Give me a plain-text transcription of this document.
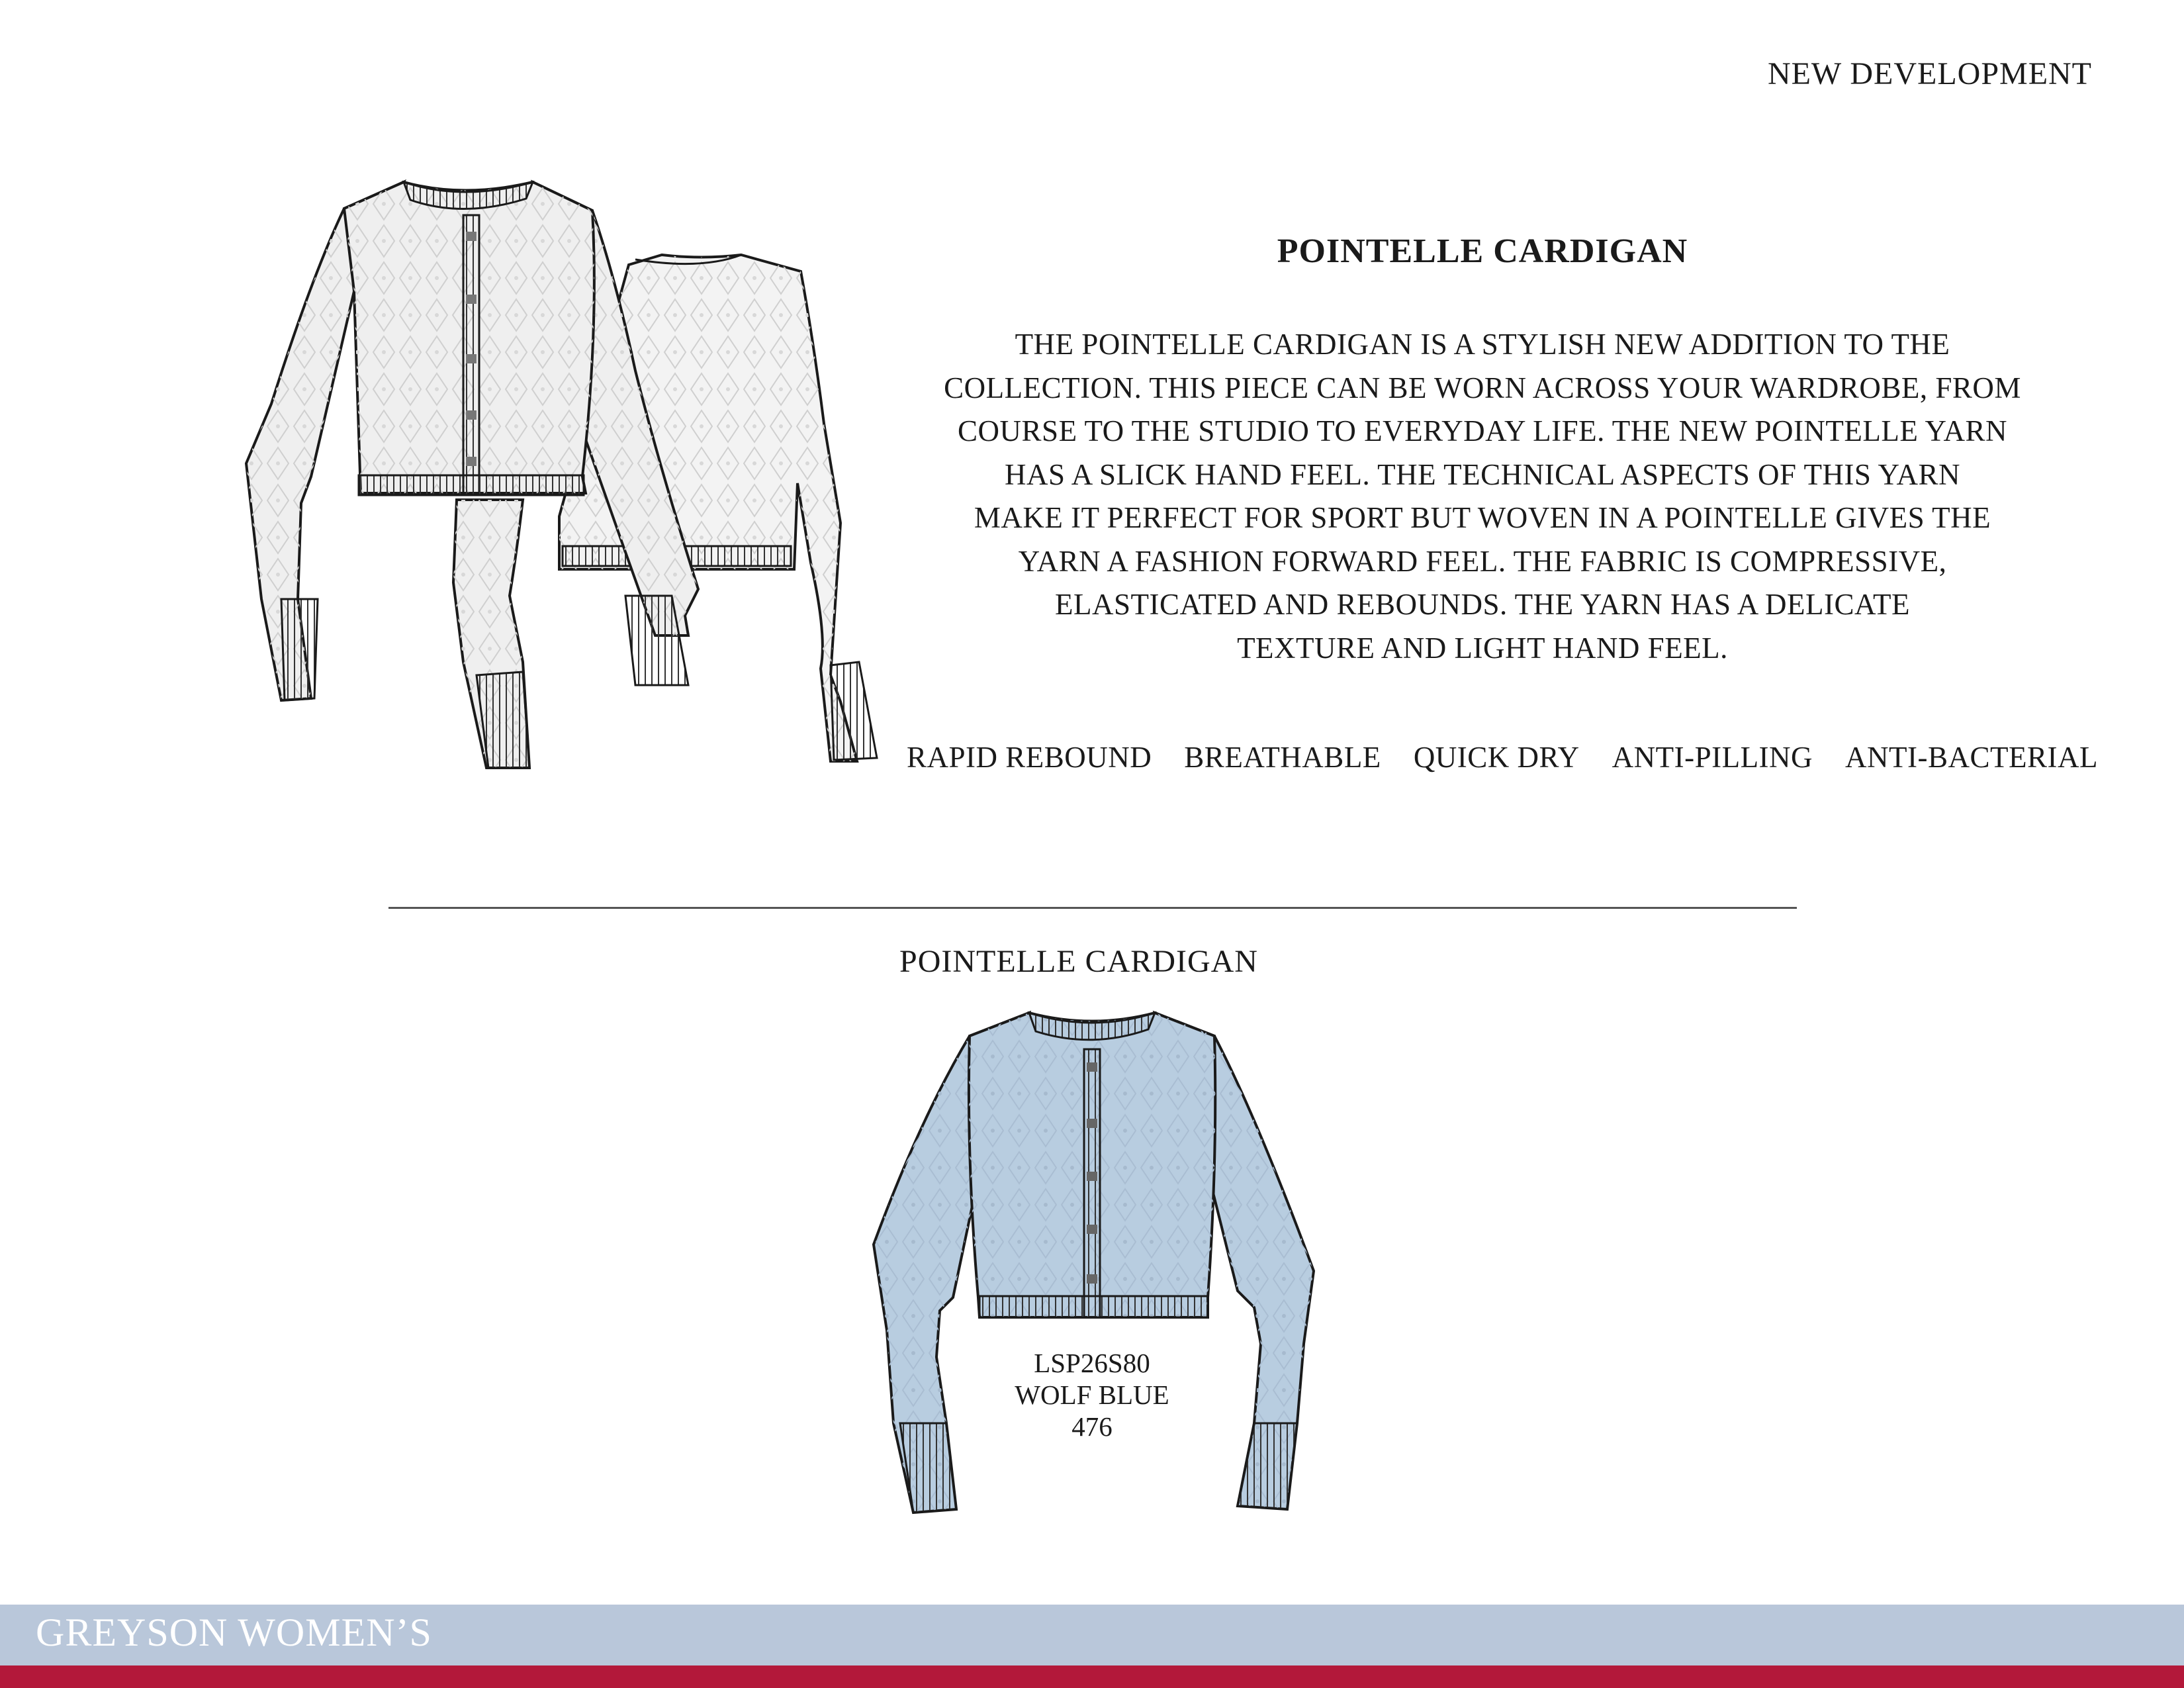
NEW DEVELOPMENT
POINTELLE CARDIGAN
THE POINTELLE CARDIGAN IS A STYLISH NEW ADDITION TO THE
COLLECTION. THIS PIECE CAN BE WORN ACROSS YOUR WARDROBE, FROM
COURSE TO THE STUDIO TO EVERYDAY LIFE. THE NEW POINTELLE YARN
HAS A SLICK HAND FEEL. THE TECHNICAL ASPECTS OF THIS YARN
MAKE IT PERFECT FOR SPORT BUT WOVEN IN A POINTELLE GIVES THE
YARN A FASHION FORWARD FEEL. THE FABRIC IS COMPRESSIVE,
ELASTICATED AND REBOUNDS. THE YARN HAS A DELICATE
TEXTURE AND LIGHT HAND FEEL.
RAPID REBOUND BREATHABLE QUICK DRY ANTI-PILLING ANTI-BACTERIAL
POINTELLE CARDIGAN
LSP26S80
WOLF BLUE
476
GREYSON WOMEN’S
